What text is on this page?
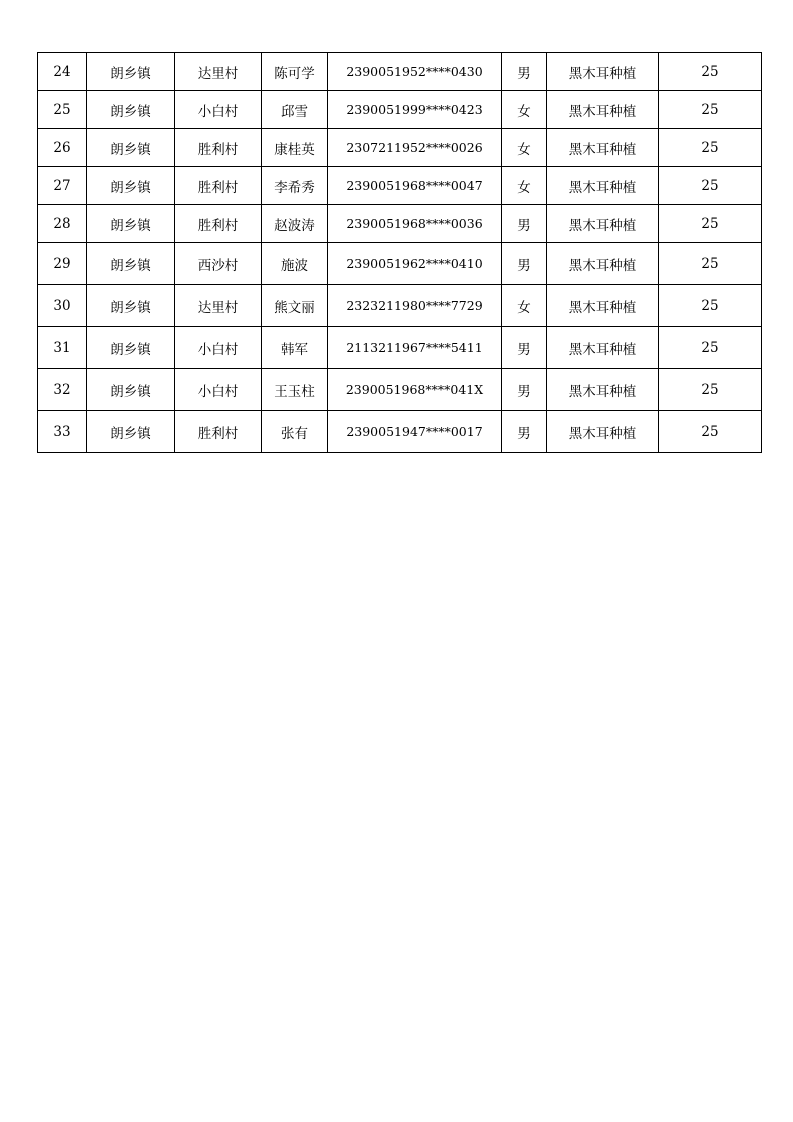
24	朗乡镇	达里村	陈可学	2390051952****0430	男	黑木耳种植	25
25	朗乡镇	小白村	邱雪	2390051999****0423	女	黑木耳种植	25
26	朗乡镇	胜利村	康桂英	2307211952****0026	女	黑木耳种植	25
27	朗乡镇	胜利村	李希秀	2390051968****0047	女	黑木耳种植	25
28	朗乡镇	胜利村	赵波涛	2390051968****0036	男	黑木耳种植	25
29	朗乡镇	西沙村	施波	2390051962****0410	男	黑木耳种植	25
30	朗乡镇	达里村	熊文丽	2323211980****7729	女	黑木耳种植	25
31	朗乡镇	小白村	韩军	2113211967****5411	男	黑木耳种植	25
32	朗乡镇	小白村	王玉柱	2390051968****041X	男	黑木耳种植	25
33	朗乡镇	胜利村	张有	2390051947****0017	男	黑木耳种植	25
